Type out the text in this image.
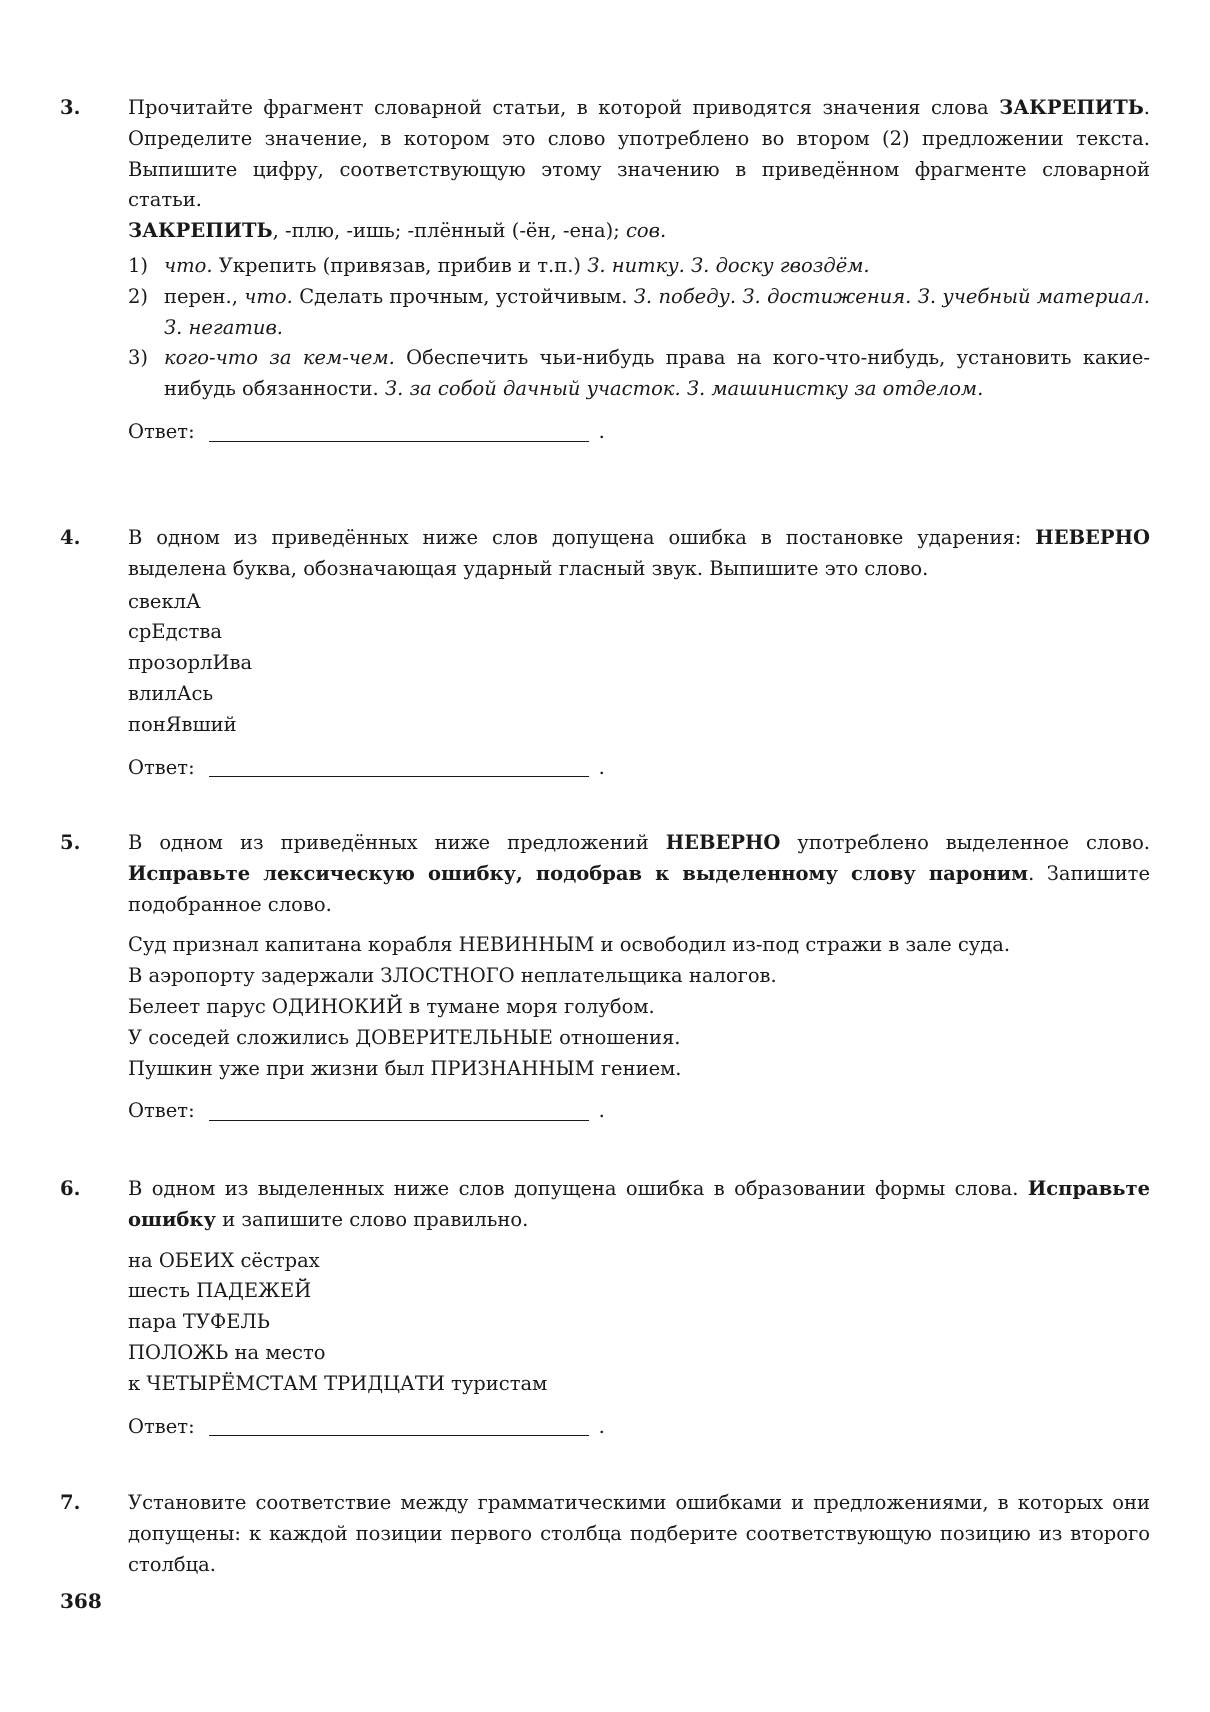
3.	Прочитайте фрагмент словарной статьи, в которой приводятся значения слова ЗАКРЕПИТЬ. Определите значение, в котором это слово употреблено во втором (2) предложении текста. Выпишите цифру, соответствующую этому значению в приведённом фрагменте словарной статьи.

ЗАКРЕПИТЬ, -плю, -ишь; -плённый (-ён, -ена); сов.

1) что. Укрепить (привязав, прибив и т.п.) З. нитку. З. доску гвоздём.
2) перен., что. Сделать прочным, устойчивым. З. победу. З. достижения. З. учебный материал. З. негатив.
3) кого-что за кем-чем. Обеспечить чьи-нибудь права на кого-что-нибудь, установить какие-нибудь обязанности. З. за собой дачный участок. З. машинистку за отделом.
Ответ:	.
4.	В одном из приведённых ниже слов допущена ошибка в постановке ударения: НЕВЕРНО выделена буква, обозначающая ударный гласный звук. Выпишите это слово.

свеклА
срЕдства
прозорлИва
влилАсь
понЯвший
Ответ:	.
5.	В одном из приведённых ниже предложений НЕВЕРНО употреблено выделенное слово. Исправьте лексическую ошибку, подобрав к выделенному слову пароним. Запишите подобранное слово.

Суд признал капитана корабля НЕВИННЫМ и освободил из-под стражи в зале суда.
В аэропорту задержали ЗЛОСТНОГО неплательщика налогов.
Белеет парус ОДИНОКИЙ в тумане моря голубом.
У соседей сложились ДОВЕРИТЕЛЬНЫЕ отношения.
Пушкин уже при жизни был ПРИЗНАННЫМ гением.
Ответ:	.
6.	В одном из выделенных ниже слов допущена ошибка в образовании формы слова. Исправьте ошибку и запишите слово правильно.

на ОБЕИХ сёстрах
шесть ПАДЕЖЕЙ
пара ТУФЕЛЬ
ПОЛОЖЬ на место
к ЧЕТЫРЁМСТАМ ТРИДЦАТИ туристам
Ответ:	.
7.	Установите соответствие между грамматическими ошибками и предложениями, в которых они допущены: к каждой позиции первого столбца подберите соответствующую позицию из второго столбца.

368
